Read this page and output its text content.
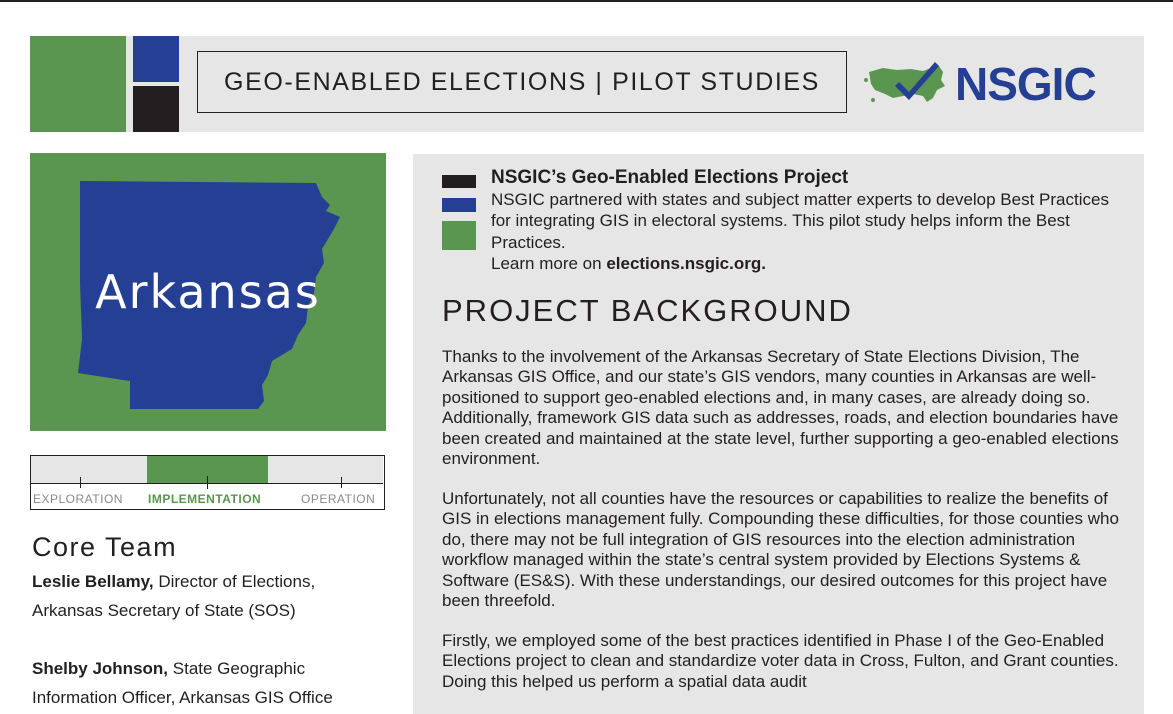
GEO-ENABLED ELECTIONS | PILOT STUDIES	NSGIC
Arkansas
EXPLORATION IMPLEMENTATION	OPERATION
Core Team
Leslie Bellamy, Director of Elections, Arkansas Secretary of State (SOS)
Shelby Johnson, State Geographic Information Officer, Arkansas GIS Office
NSGIC’s Geo-Enabled Elections Project
NSGIC partnered with states and subject matter experts to develop Best Practices for integrating GIS in electoral systems. This pilot study helps inform the Best Practices.
Learn more on elections.nsgic.org.
PROJECT BACKGROUND
Thanks to the involvement of the Arkansas Secretary of State Elections Division, The Arkansas GIS Office, and our state’s GIS vendors, many counties in Arkansas are well-positioned to support geo-enabled elections and, in many cases, are already doing so. Additionally, framework GIS data such as addresses, roads, and election boundaries have been created and maintained at the state level, further supporting a geo-enabled elections environment.
Unfortunately, not all counties have the resources or capabilities to realize the benefits of GIS in elections management fully. Compounding these difficulties, for those counties who do, there may not be full integration of GIS resources into the election administration workflow managed within the state’s central system provided by Elections Systems & Software (ES&S). With these understandings, our desired outcomes for this project have been threefold.
Firstly, we employed some of the best practices identified in Phase I of the Geo-Enabled Elections project to clean and standardize voter data in Cross, Fulton, and Grant counties. Doing this helped us perform a spatial data audit
